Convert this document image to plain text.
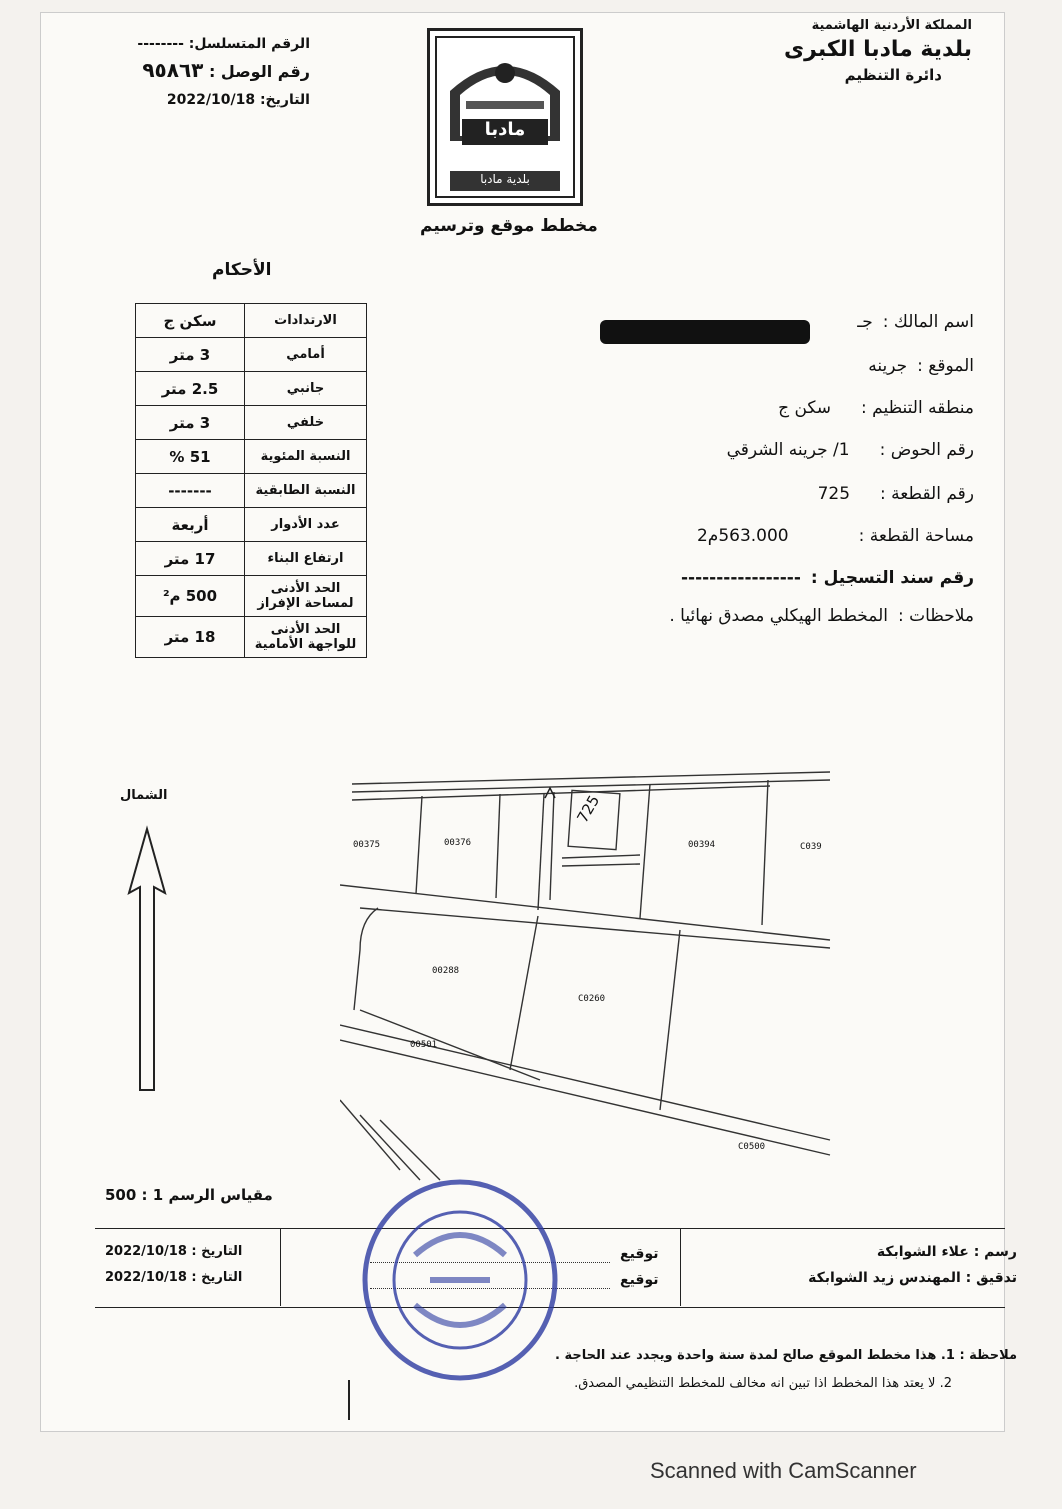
المملكة الأردنية الهاشمية
بلدية مادبا الكبرى
دائرة التنظيم
الرقم المتسلسل: --------
رقم الوصل : ٩٥٨٦٣
التاريخ: 2022/10/18
مادبا
بلدية مادبا
مخطط موقع وترسيم
الأحكام
الارتدادات	سكن ج
أمامي	3 متر
جانبي	2.5 متر
خلفي	3 متر
النسبة المئوية	51 %
النسبة الطابقية	-------
عدد الأدوار	أربعة
ارتفاع البناء	17 متر
الحد الأدنى لمساحة الإفراز	500 م²
الحد الأدنى للواجهة الأمامية	18 متر
اسم المالك :جـ
الموقع :جرينه
منطقه التنظيم :سكن ج
رقم الحوض :1/ جرينه الشرقي
رقم القطعة :725
مساحة القطعة :563.000م2
رقم سند التسجيل :-----------------
ملاحظات :المخطط الهيكلي مصدق نهائيا .
الشمال
00375	00376	00394	C039
00288
C0260
00501
C0500
725
مقياس الرسم 1 : 500
رسم : علاء الشوابكة
تدقيق : المهندس زيد الشوابكة
توقيع
توقيع
التاريخ : 2022/10/18
التاريخ : 2022/10/18
ملاحظة : 1. هذا مخطط الموقع صالح لمدة سنة واحدة ويجدد عند الحاجة .
2. لا يعتد هذا المخطط اذا تبين انه مخالف للمخطط التنظيمي المصدق.
Scanned with CamScanner
